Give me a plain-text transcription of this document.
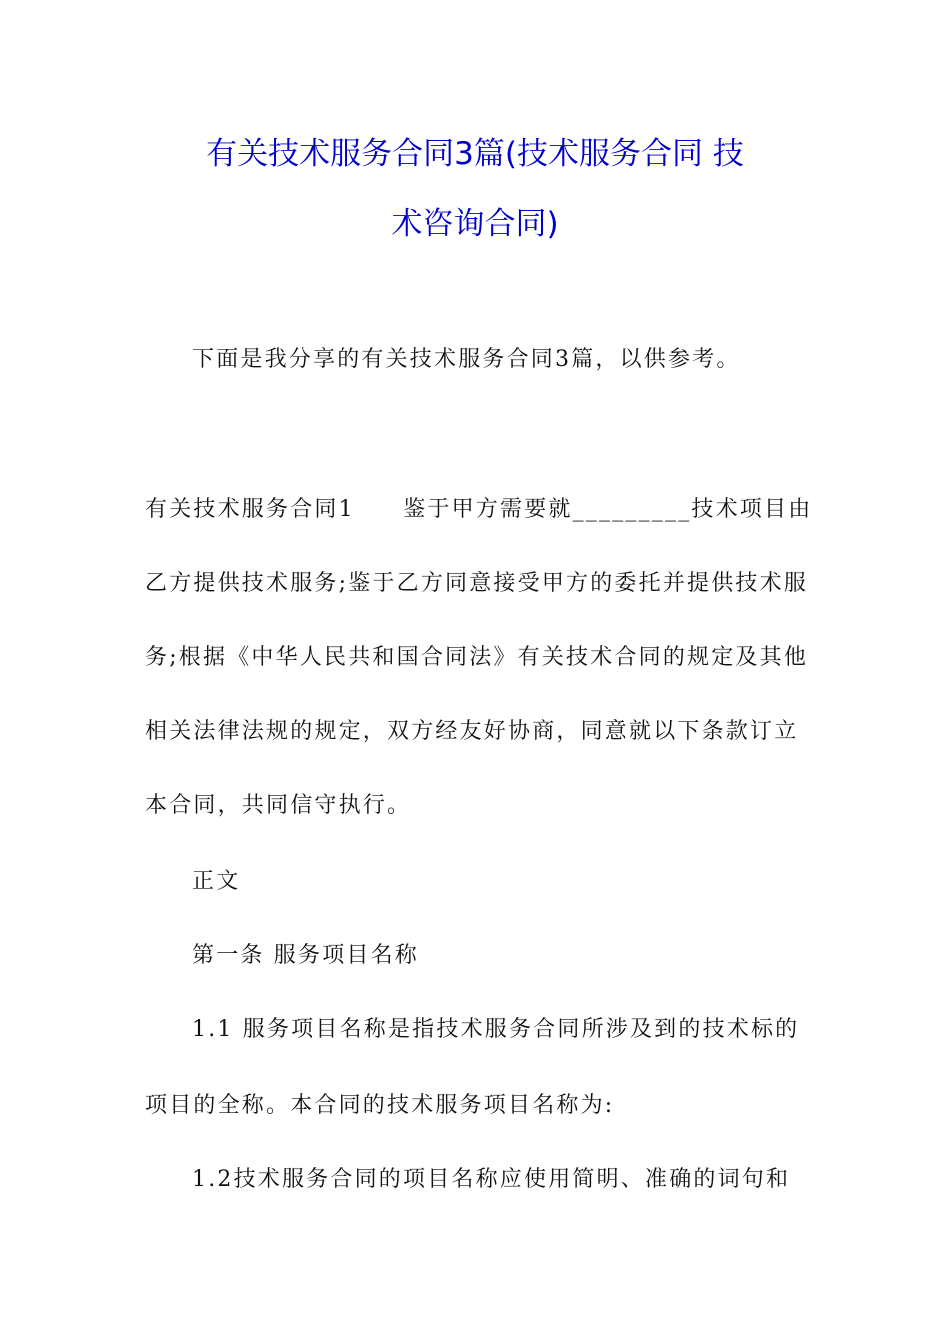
有关技术服务合同3篇(技术服务合同 技
术咨询合同)
下面是我分享的有关技术服务合同3篇，以供参考。
有关技术服务合同1　　鉴于甲方需要就_________技术项目由
乙方提供技术服务;鉴于乙方同意接受甲方的委托并提供技术服
务;根据《中华人民共和国合同法》有关技术合同的规定及其他
相关法律法规的规定，双方经友好协商，同意就以下条款订立
本合同，共同信守执行。
正文
第一条 服务项目名称
1.1 服务项目名称是指技术服务合同所涉及到的技术标的
项目的全称。本合同的技术服务项目名称为:
1.2技术服务合同的项目名称应使用简明、准确的词句和
